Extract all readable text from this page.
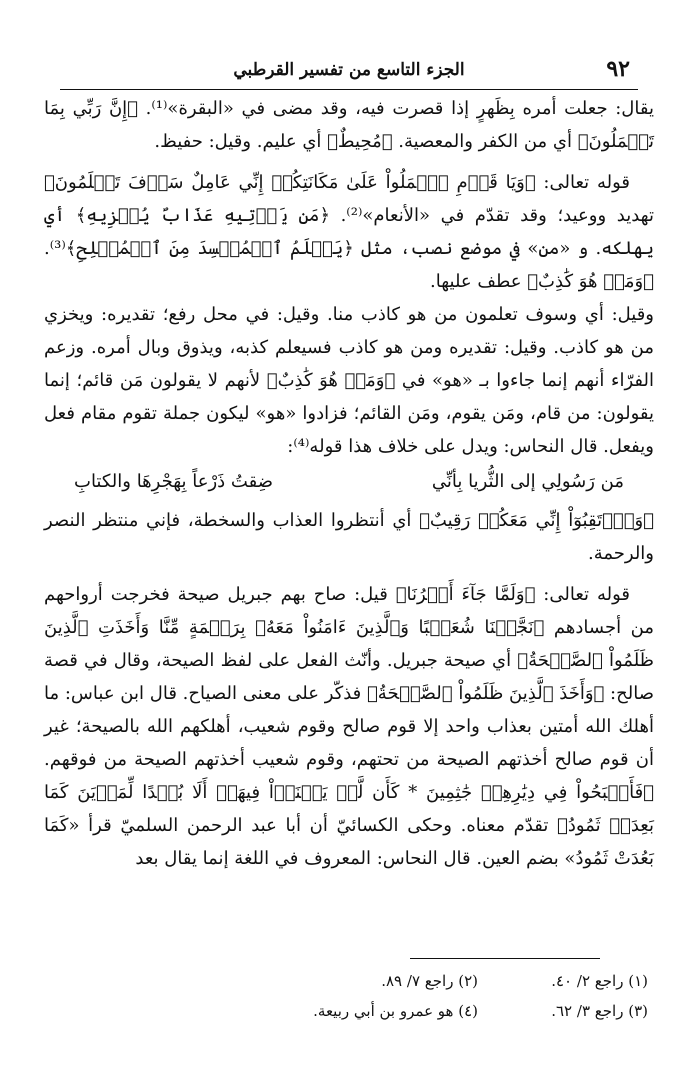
٩٢
الجزء التاسع من تفسير القرطبي

يقال: جعلت أمره بِظَهرٍ إذا قصرت فيه، وقد مضى في «البقرة»⁽¹⁾. ﴿إِنَّ رَبِّي بِمَا تَعۡمَلُونَ﴾ أي من الكفر والمعصية. ﴿مُحِيطٌ﴾ أي عليم. وقيل: حفيظ.

قوله تعالى: ﴿وَيَا قَوۡمِ ٱعۡمَلُواْ عَلَىٰ مَكَانَتِكُمۡ إِنِّي عَامِلٌ سَوۡفَ تَعۡلَمُونَ﴾ تهديد ووعيد؛ وقد تقدّم في «الأنعام»⁽²⁾. ﴿مَن يَأۡتِيهِ عَذَابٌ يُخۡزِيهِ﴾ أي يهلكه. و «من» في موضع نصب، مثل ﴿يَعۡلَمُ ٱلۡمُفۡسِدَ مِنَ ٱلۡمُصۡلِحِ﴾⁽³⁾. ﴿وَمَنۡ هُوَ كَٰذِبٌ﴾ عطف عليها.

وقيل: أي وسوف تعلمون من هو كاذب منا. وقيل: في محل رفع؛ تقديره: ويخزي من هو كاذب. وقيل: تقديره ومن هو كاذب فسيعلم كذبه، ويذوق وبال أمره. وزعم الفرّاء أنهم إنما جاءوا بـ «هو» في ﴿وَمَنۡ هُوَ كَٰذِبٌ﴾ لأنهم لا يقولون مَن قائم؛ إنما يقولون: من قام، ومَن يقوم، ومَن القائم؛ فزادوا «هو» ليكون جملة تقوم مقام فعل ويفعل. قال النحاس: ويدل على خلاف هذا قوله⁽⁴⁾:

مَن رَسُولِي إلى الثُّريا بِأنِّي
ضِقتُ ذَرْعاً بِهَجْرِهَا والكتابِ

﴿وَٱرۡتَقِبُوٓاْ إِنِّي مَعَكُمۡ رَقِيبٌ﴾ أي أنتظروا العذاب والسخطة، فإني منتظر النصر والرحمة.

قوله تعالى: ﴿وَلَمَّا جَآءَ أَمۡرُنَا﴾ قيل: صاح بهم جبريل صيحة فخرجت أرواحهم من أجسادهم ﴿نَجَّيۡنَا شُعَيۡبًا وَٱلَّذِينَ ءَامَنُواْ مَعَهُۥ بِرَحۡمَةٍ مِّنَّا وَأَخَذَتِ ٱلَّذِينَ ظَلَمُواْ ٱلصَّيۡحَةُ﴾ أي صيحة جبريل. وأنّث الفعل على لفظ الصيحة، وقال في قصة صالح: ﴿وَأَخَذَ ٱلَّذِينَ ظَلَمُواْ ٱلصَّيۡحَةُ﴾ فذكّر على معنى الصياح. قال ابن عباس: ما أهلك الله أمتين بعذاب واحد إلا قوم صالح وقوم شعيب، أهلكهم الله بالصيحة؛ غير أن قوم صالح أخذتهم الصيحة من تحتهم، وقوم شعيب أخذتهم الصيحة من فوقهم. ﴿فَأَصۡبَحُواْ فِي دِيَٰرِهِمۡ جَٰثِمِينَ * كَأَن لَّمۡ يَغۡنَوۡاْ فِيهَآۗ أَلَا بُعۡدًا لِّمَدۡيَنَ كَمَا بَعِدَتۡ ثَمُودُ﴾ تقدّم معناه. وحكى الكسائيّ أن أبا عبد الرحمن السلميّ قرأ «كَمَا بَعُدَتْ ثَمُودُ» بضم العين. قال النحاس: المعروف في اللغة إنما يقال بعد

(١) راجع ٢/ ٤٠.
(٢) راجع ٧/ ٨٩.
(٣) راجع ٣/ ٦٢.
(٤) هو عمرو بن أبي ربيعة.
